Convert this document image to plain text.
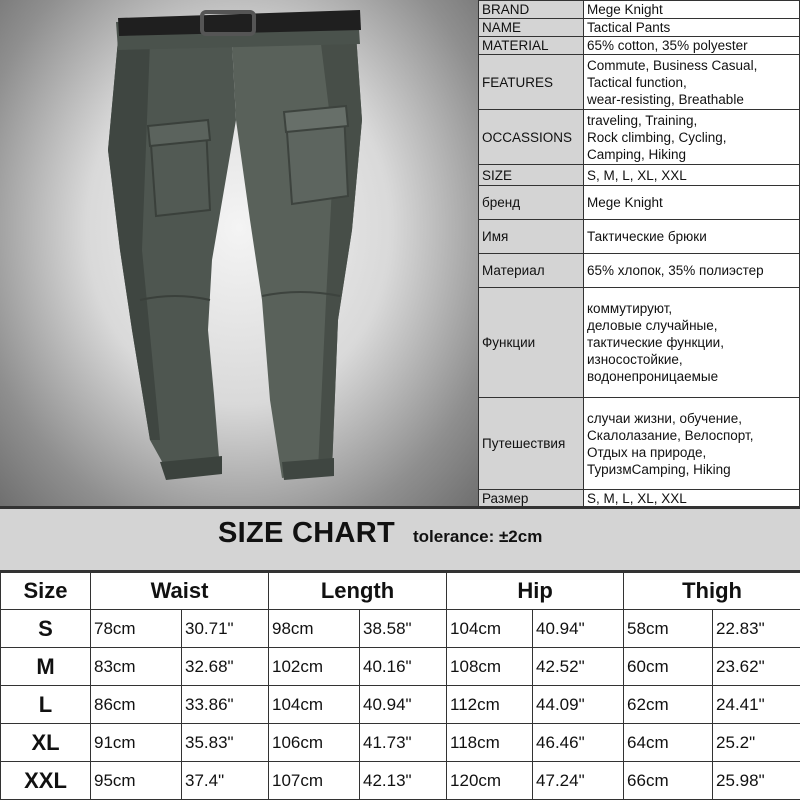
BRAND	Mege Knight

NAME	Tactical Pants

MATERIAL	65% cotton, 35% polyester

FEATURES	Commute, Business Casual,
Tactical function,
wear-resisting, Breathable

OCCASSIONS	traveling, Training,
Rock climbing, Cycling,
Camping, Hiking

SIZE	S, M, L, XL, XXL

бренд	Mege Knight

Имя	Тактические брюки

Материал	65% хлопок, 35% полиэстер

Функции	коммутируют,
деловые случайные,
тактические функции,
износостойкие,
водонепроницаемые

Путешествия	случаи жизни, обучение,
Скалолазание, Велоспорт,
Отдых на природе,
ТуризмCamping, Hiking

Размер	S, M, L, XL, XXL
SIZE CHART tolerance: ±2cm
Size	Waist		Length		Hip		Thigh	
S	78cm	30.71"	98cm	38.58"	104cm	40.94"	58cm	22.83"
M	83cm	32.68"	102cm	40.16"	108cm	42.52"	60cm	23.62"
L	86cm	33.86"	104cm	40.94"	112cm	44.09"	62cm	24.41"
XL	91cm	35.83"	106cm	41.73"	118cm	46.46"	64cm	25.2"
XXL	95cm	37.4"	107cm	42.13"	120cm	47.24"	66cm	25.98"
